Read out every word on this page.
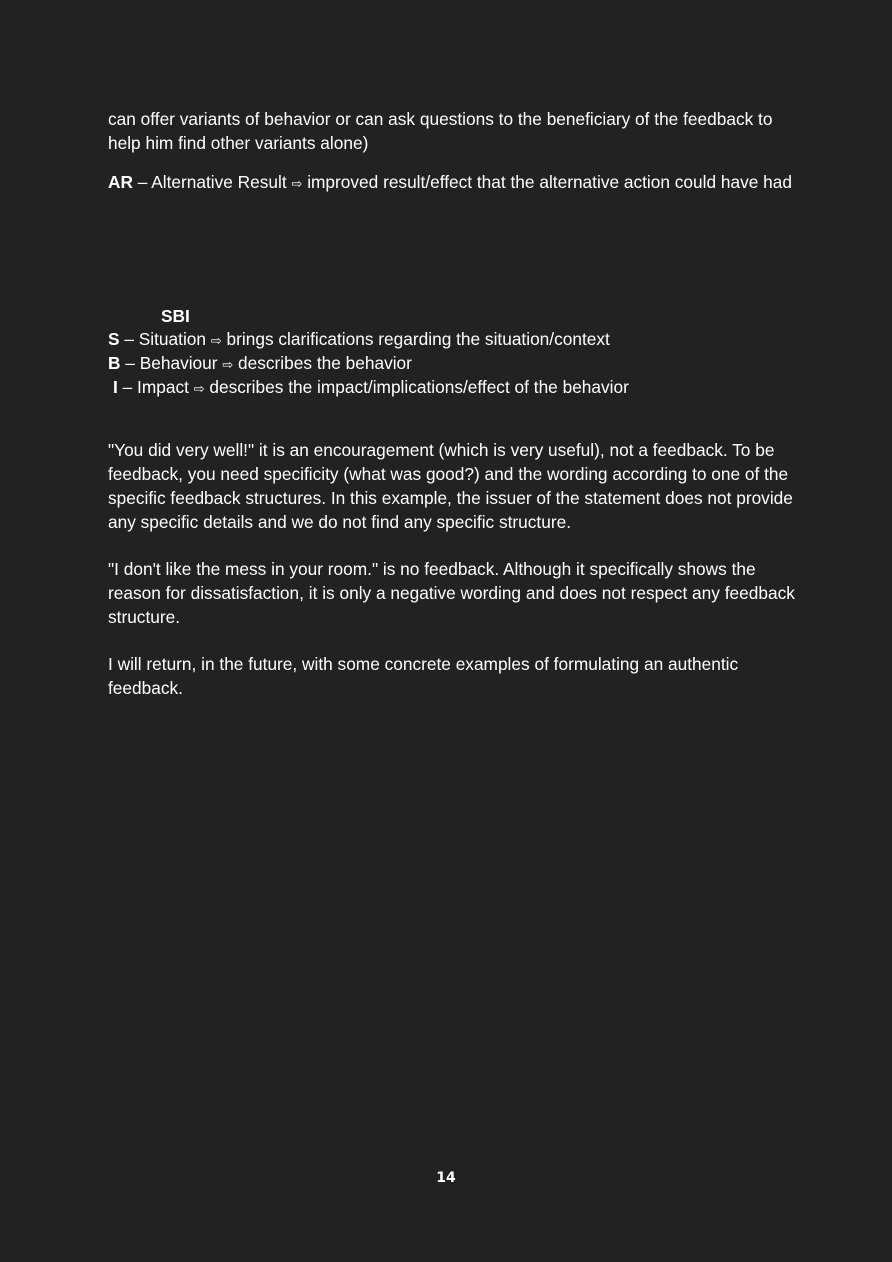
can offer variants of behavior or can ask questions to the beneficiary of the feedback to help him find other variants alone)

AR – Alternative Result ⇨ improved result/effect that the alternative action could have had

SBI

S – Situation ⇨ brings clarifications regarding the situation/context

B – Behaviour ⇨ describes the behavior

I – Impact ⇨ describes the impact/implications/effect of the behavior

"You did very well!" it is an encouragement (which is very useful), not a feedback. To be feedback, you need specificity (what was good?) and the wording according to one of the specific feedback structures. In this example, the issuer of the statement does not provide any specific details and we do not find any specific structure.

"I don't like the mess in your room." is no feedback. Although it specifically shows the reason for dissatisfaction, it is only a negative wording and does not respect any feedback structure.

I will return, in the future, with some concrete examples of formulating an authentic feedback.

14
